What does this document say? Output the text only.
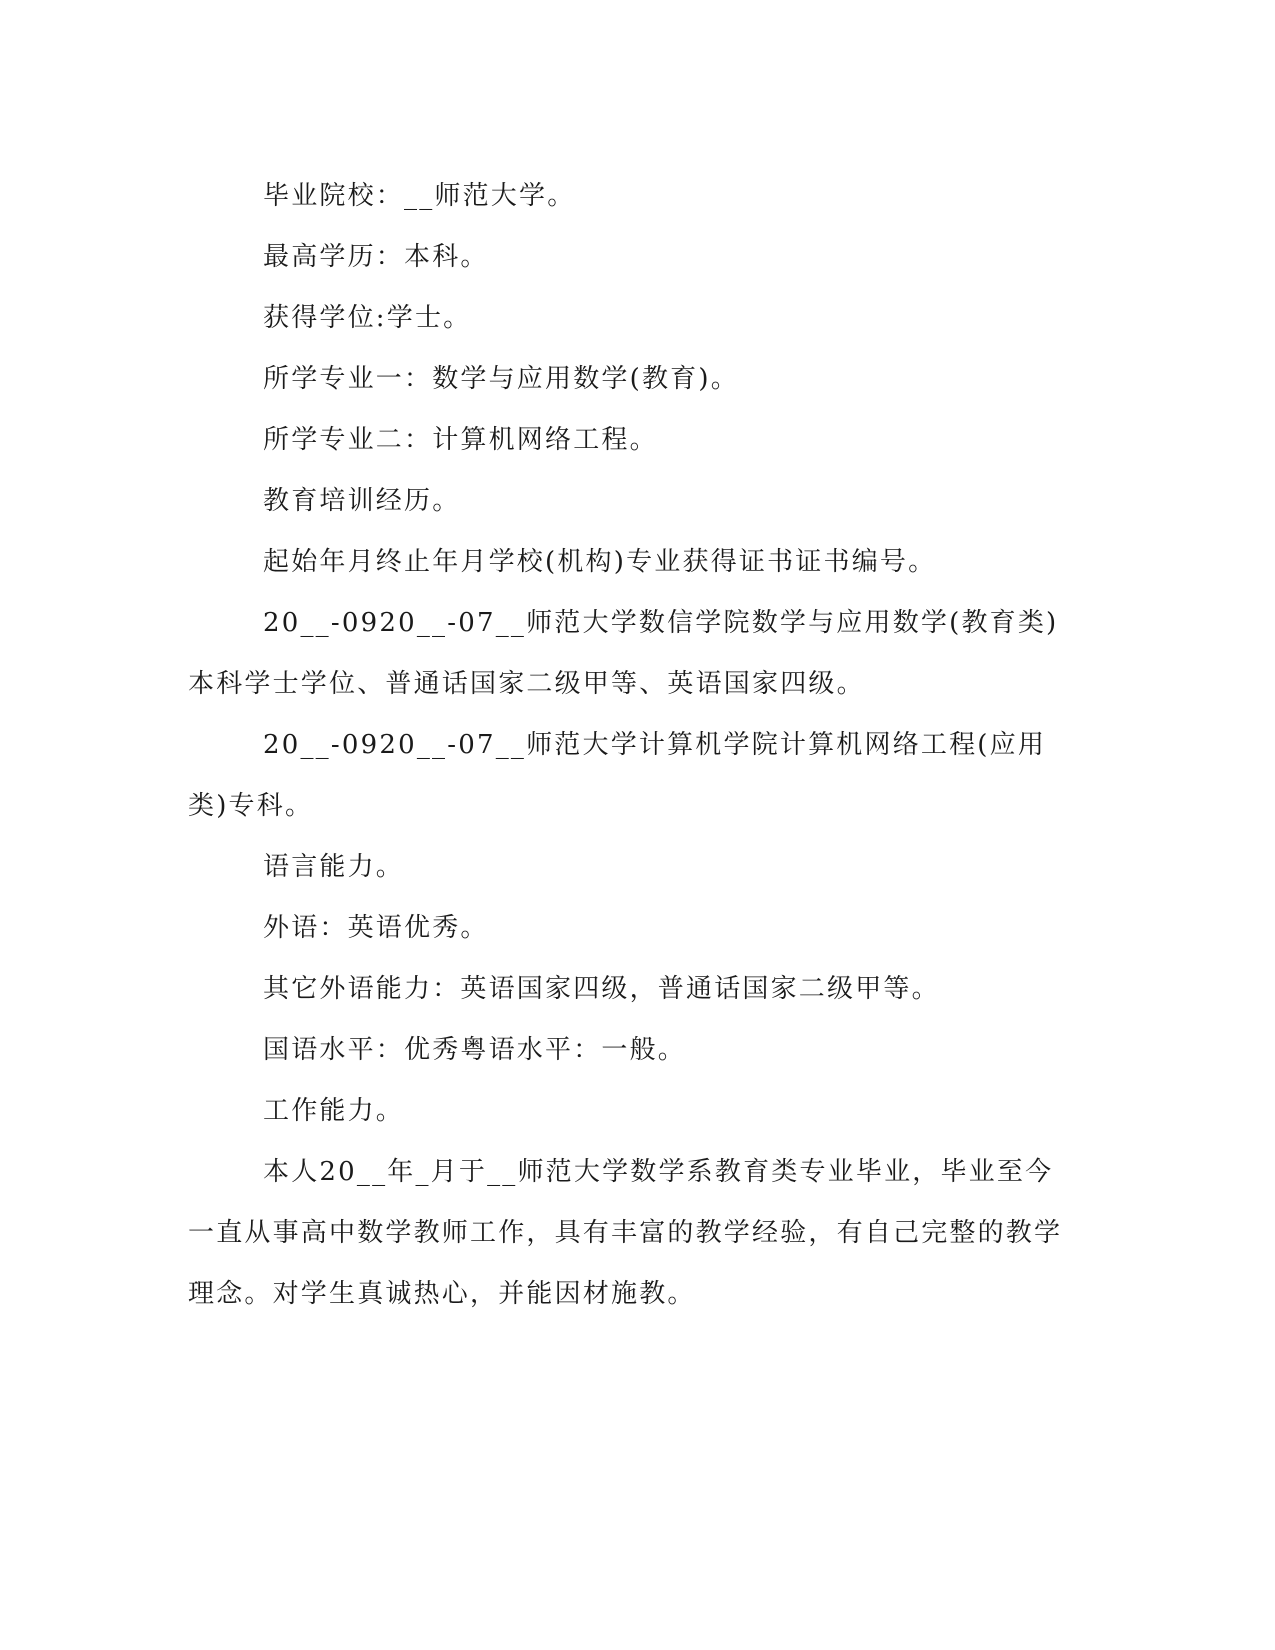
毕业院校：__师范大学。

最高学历：本科。

获得学位:学士。

所学专业一：数学与应用数学(教育)。

所学专业二：计算机网络工程。

教育培训经历。

起始年月终止年月学校(机构)专业获得证书证书编号。

20__-0920__-07__师范大学数信学院数学与应用数学(教育类)本科学士学位、普通话国家二级甲等、英语国家四级。

20__-0920__-07__师范大学计算机学院计算机网络工程(应用类)专科。

语言能力。

外语：英语优秀。

其它外语能力：英语国家四级，普通话国家二级甲等。

国语水平：优秀粤语水平：一般。

工作能力。

本人20__年_月于__师范大学数学系教育类专业毕业，毕业至今一直从事高中数学教师工作，具有丰富的教学经验，有自己完整的教学理念。对学生真诚热心，并能因材施教。
